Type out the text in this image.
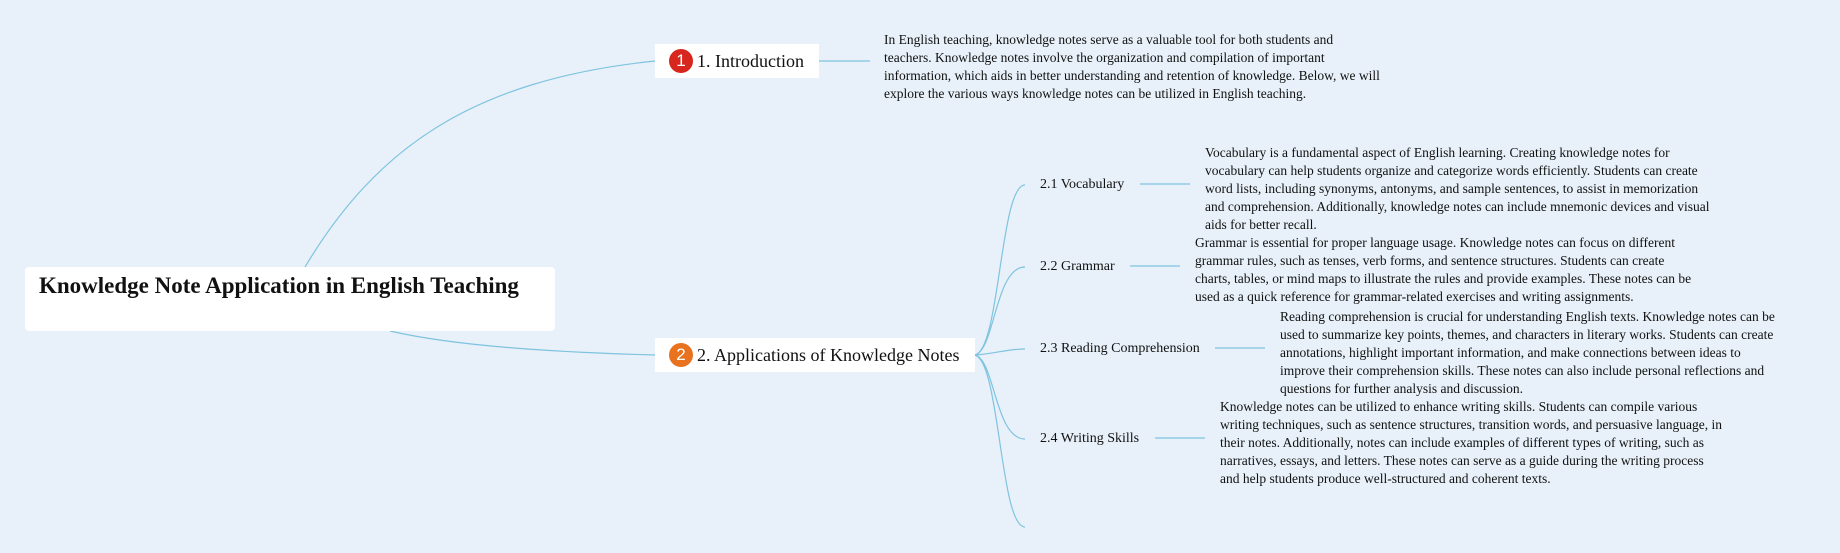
Knowledge Note Application in English Teaching
1 1. Introduction
In English teaching, knowledge notes serve as a valuable tool for both students and teachers. Knowledge notes involve the organization and compilation of important information, which aids in better understanding and retention of knowledge. Below, we will explore the various ways knowledge notes can be utilized in English teaching.
2 2. Applications of Knowledge Notes
2.1 Vocabulary
Vocabulary is a fundamental aspect of English learning. Creating knowledge notes for vocabulary can help students organize and categorize words efficiently. Students can create word lists, including synonyms, antonyms, and sample sentences, to assist in memorization and comprehension. Additionally, knowledge notes can include mnemonic devices and visual aids for better recall.
2.2 Grammar
Grammar is essential for proper language usage. Knowledge notes can focus on different grammar rules, such as tenses, verb forms, and sentence structures. Students can create charts, tables, or mind maps to illustrate the rules and provide examples. These notes can be used as a quick reference for grammar-related exercises and writing assignments.
2.3 Reading Comprehension
Reading comprehension is crucial for understanding English texts. Knowledge notes can be used to summarize key points, themes, and characters in literary works. Students can create annotations, highlight important information, and make connections between ideas to improve their comprehension skills. These notes can also include personal reflections and questions for further analysis and discussion.
2.4 Writing Skills
Knowledge notes can be utilized to enhance writing skills. Students can compile various writing techniques, such as sentence structures, transition words, and persuasive language, in their notes. Additionally, notes can include examples of different types of writing, such as narratives, essays, and letters. These notes can serve as a guide during the writing process and help students produce well-structured and coherent texts.
